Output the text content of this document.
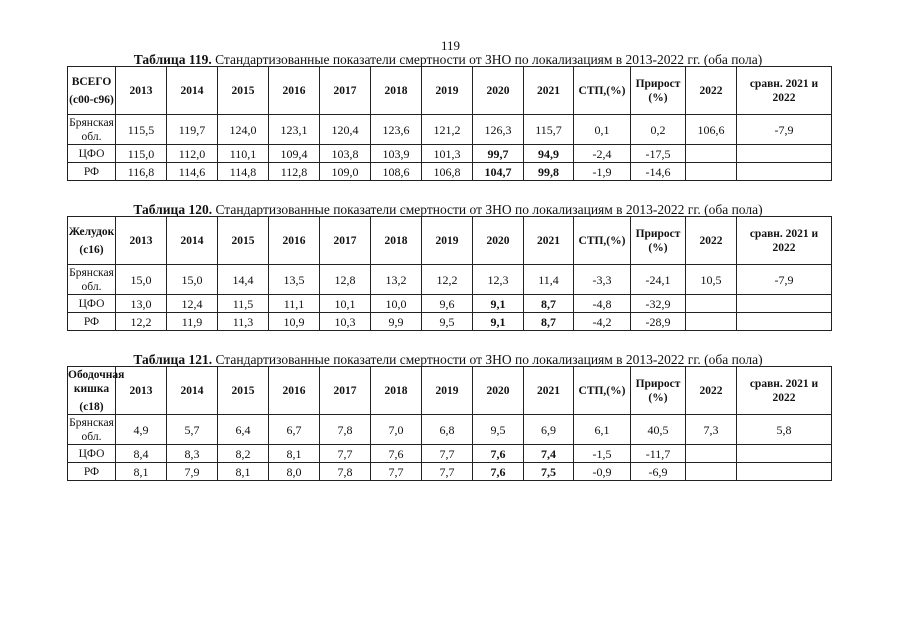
119
Таблица 119. Стандартизованные показатели смертности от ЗНО по локализациям в 2013-2022 гг. (оба пола)
ВСЕГО
(с00-с96)	2013	2014	2015	2016	2017	2018	2019	2020	2021	СТП,(%)	Прирост (%)	2022	сравн. 2021 и 2022
Брянская обл.	115,5	119,7	124,0	123,1	120,4	123,6	121,2	126,3	115,7	0,1	0,2	106,6	-7,9
ЦФО	115,0	112,0	110,1	109,4	103,8	103,9	101,3	99,7	94,9	-2,4	-17,5		
РФ	116,8	114,6	114,8	112,8	109,0	108,6	106,8	104,7	99,8	-1,9	-14,6		
Таблица 120. Стандартизованные показатели смертности от ЗНО по локализациям в 2013-2022 гг. (оба пола)
Желудок
(с16)	2013	2014	2015	2016	2017	2018	2019	2020	2021	СТП,(%)	Прирост (%)	2022	сравн. 2021 и 2022
Брянская обл.	15,0	15,0	14,4	13,5	12,8	13,2	12,2	12,3	11,4	-3,3	-24,1	10,5	-7,9
ЦФО	13,0	12,4	11,5	11,1	10,1	10,0	9,6	9,1	8,7	-4,8	-32,9		
РФ	12,2	11,9	11,3	10,9	10,3	9,9	9,5	9,1	8,7	-4,2	-28,9		
Таблица 121. Стандартизованные показатели смертности от ЗНО по локализациям в 2013-2022 гг. (оба пола)
Ободочная кишка
(с18)	2013	2014	2015	2016	2017	2018	2019	2020	2021	СТП,(%)	Прирост (%)	2022	сравн. 2021 и 2022
Брянская обл.	4,9	5,7	6,4	6,7	7,8	7,0	6,8	9,5	6,9	6,1	40,5	7,3	5,8
ЦФО	8,4	8,3	8,2	8,1	7,7	7,6	7,7	7,6	7,4	-1,5	-11,7		
РФ	8,1	7,9	8,1	8,0	7,8	7,7	7,7	7,6	7,5	-0,9	-6,9		
